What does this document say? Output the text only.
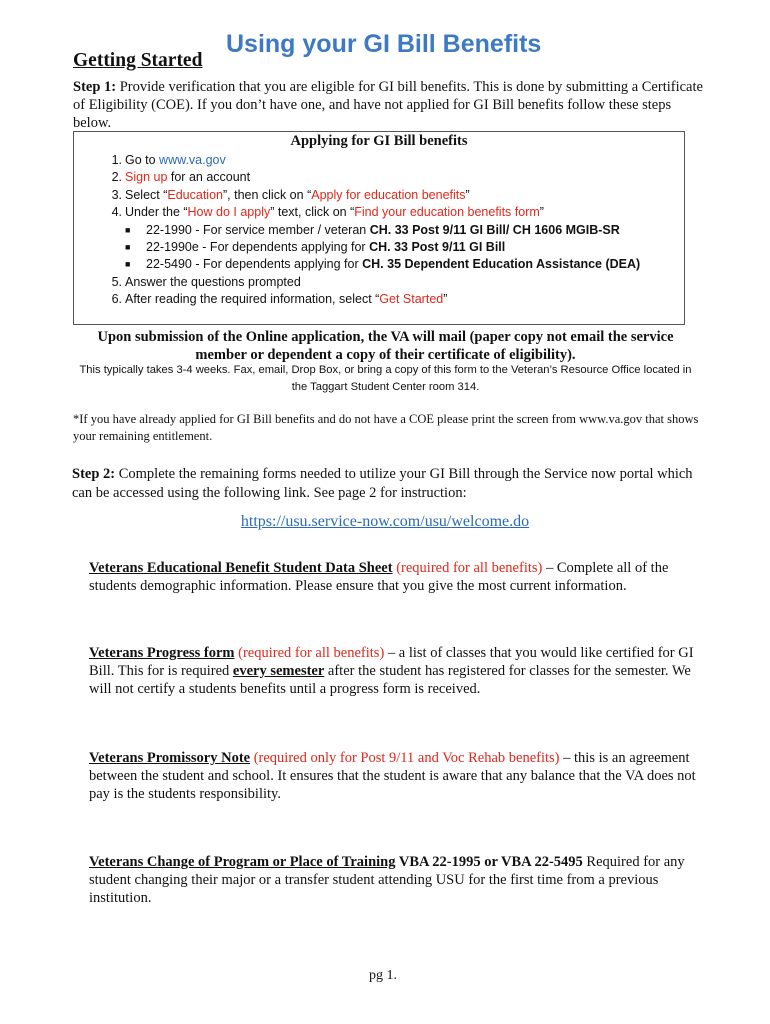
Using your GI Bill Benefits
Getting Started
Step 1: Provide verification that you are eligible for GI bill benefits. This is done by submitting a Certificate of Eligibility (COE). If you don’t have one, and have not applied for GI Bill benefits follow these steps below.
Applying for GI Bill benefits
1. Go to www.va.gov
2. Sign up for an account
3. Select “Education”, then click on “Apply for education benefits”
4. Under the “How do I apply” text, click on “Find your education benefits form”
■ 22-1990 - For service member / veteran CH. 33 Post 9/11 GI Bill/ CH 1606 MGIB-SR
■ 22-1990e - For dependents applying for CH. 33 Post 9/11 GI Bill
■ 22-5490 - For dependents applying for CH. 35 Dependent Education Assistance (DEA)
5. Answer the questions prompted
6. After reading the required information, select “Get Started”
Upon submission of the Online application, the VA will mail (paper copy not email the service member or dependent a copy of their certificate of eligibility).
This typically takes 3-4 weeks. Fax, email, Drop Box, or bring a copy of this form to the Veteran’s Resource Office located in the Taggart Student Center room 314.
*If you have already applied for GI Bill benefits and do not have a COE please print the screen from www.va.gov that shows your remaining entitlement.
Step 2: Complete the remaining forms needed to utilize your GI Bill through the Service now portal which can be accessed using the following link. See page 2 for instruction:
https://usu.service-now.com/usu/welcome.do
Veterans Educational Benefit Student Data Sheet (required for all benefits) – Complete all of the students demographic information. Please ensure that you give the most current information.
Veterans Progress form (required for all benefits) – a list of classes that you would like certified for GI Bill. This for is required every semester after the student has registered for classes for the semester. We will not certify a students benefits until a progress form is received.
Veterans Promissory Note (required only for Post 9/11 and Voc Rehab benefits) – this is an agreement between the student and school. It ensures that the student is aware that any balance that the VA does not pay is the students responsibility.
Veterans Change of Program or Place of Training VBA 22-1995 or VBA 22-5495 Required for any student changing their major or a transfer student attending USU for the first time from a previous institution.
pg 1.
